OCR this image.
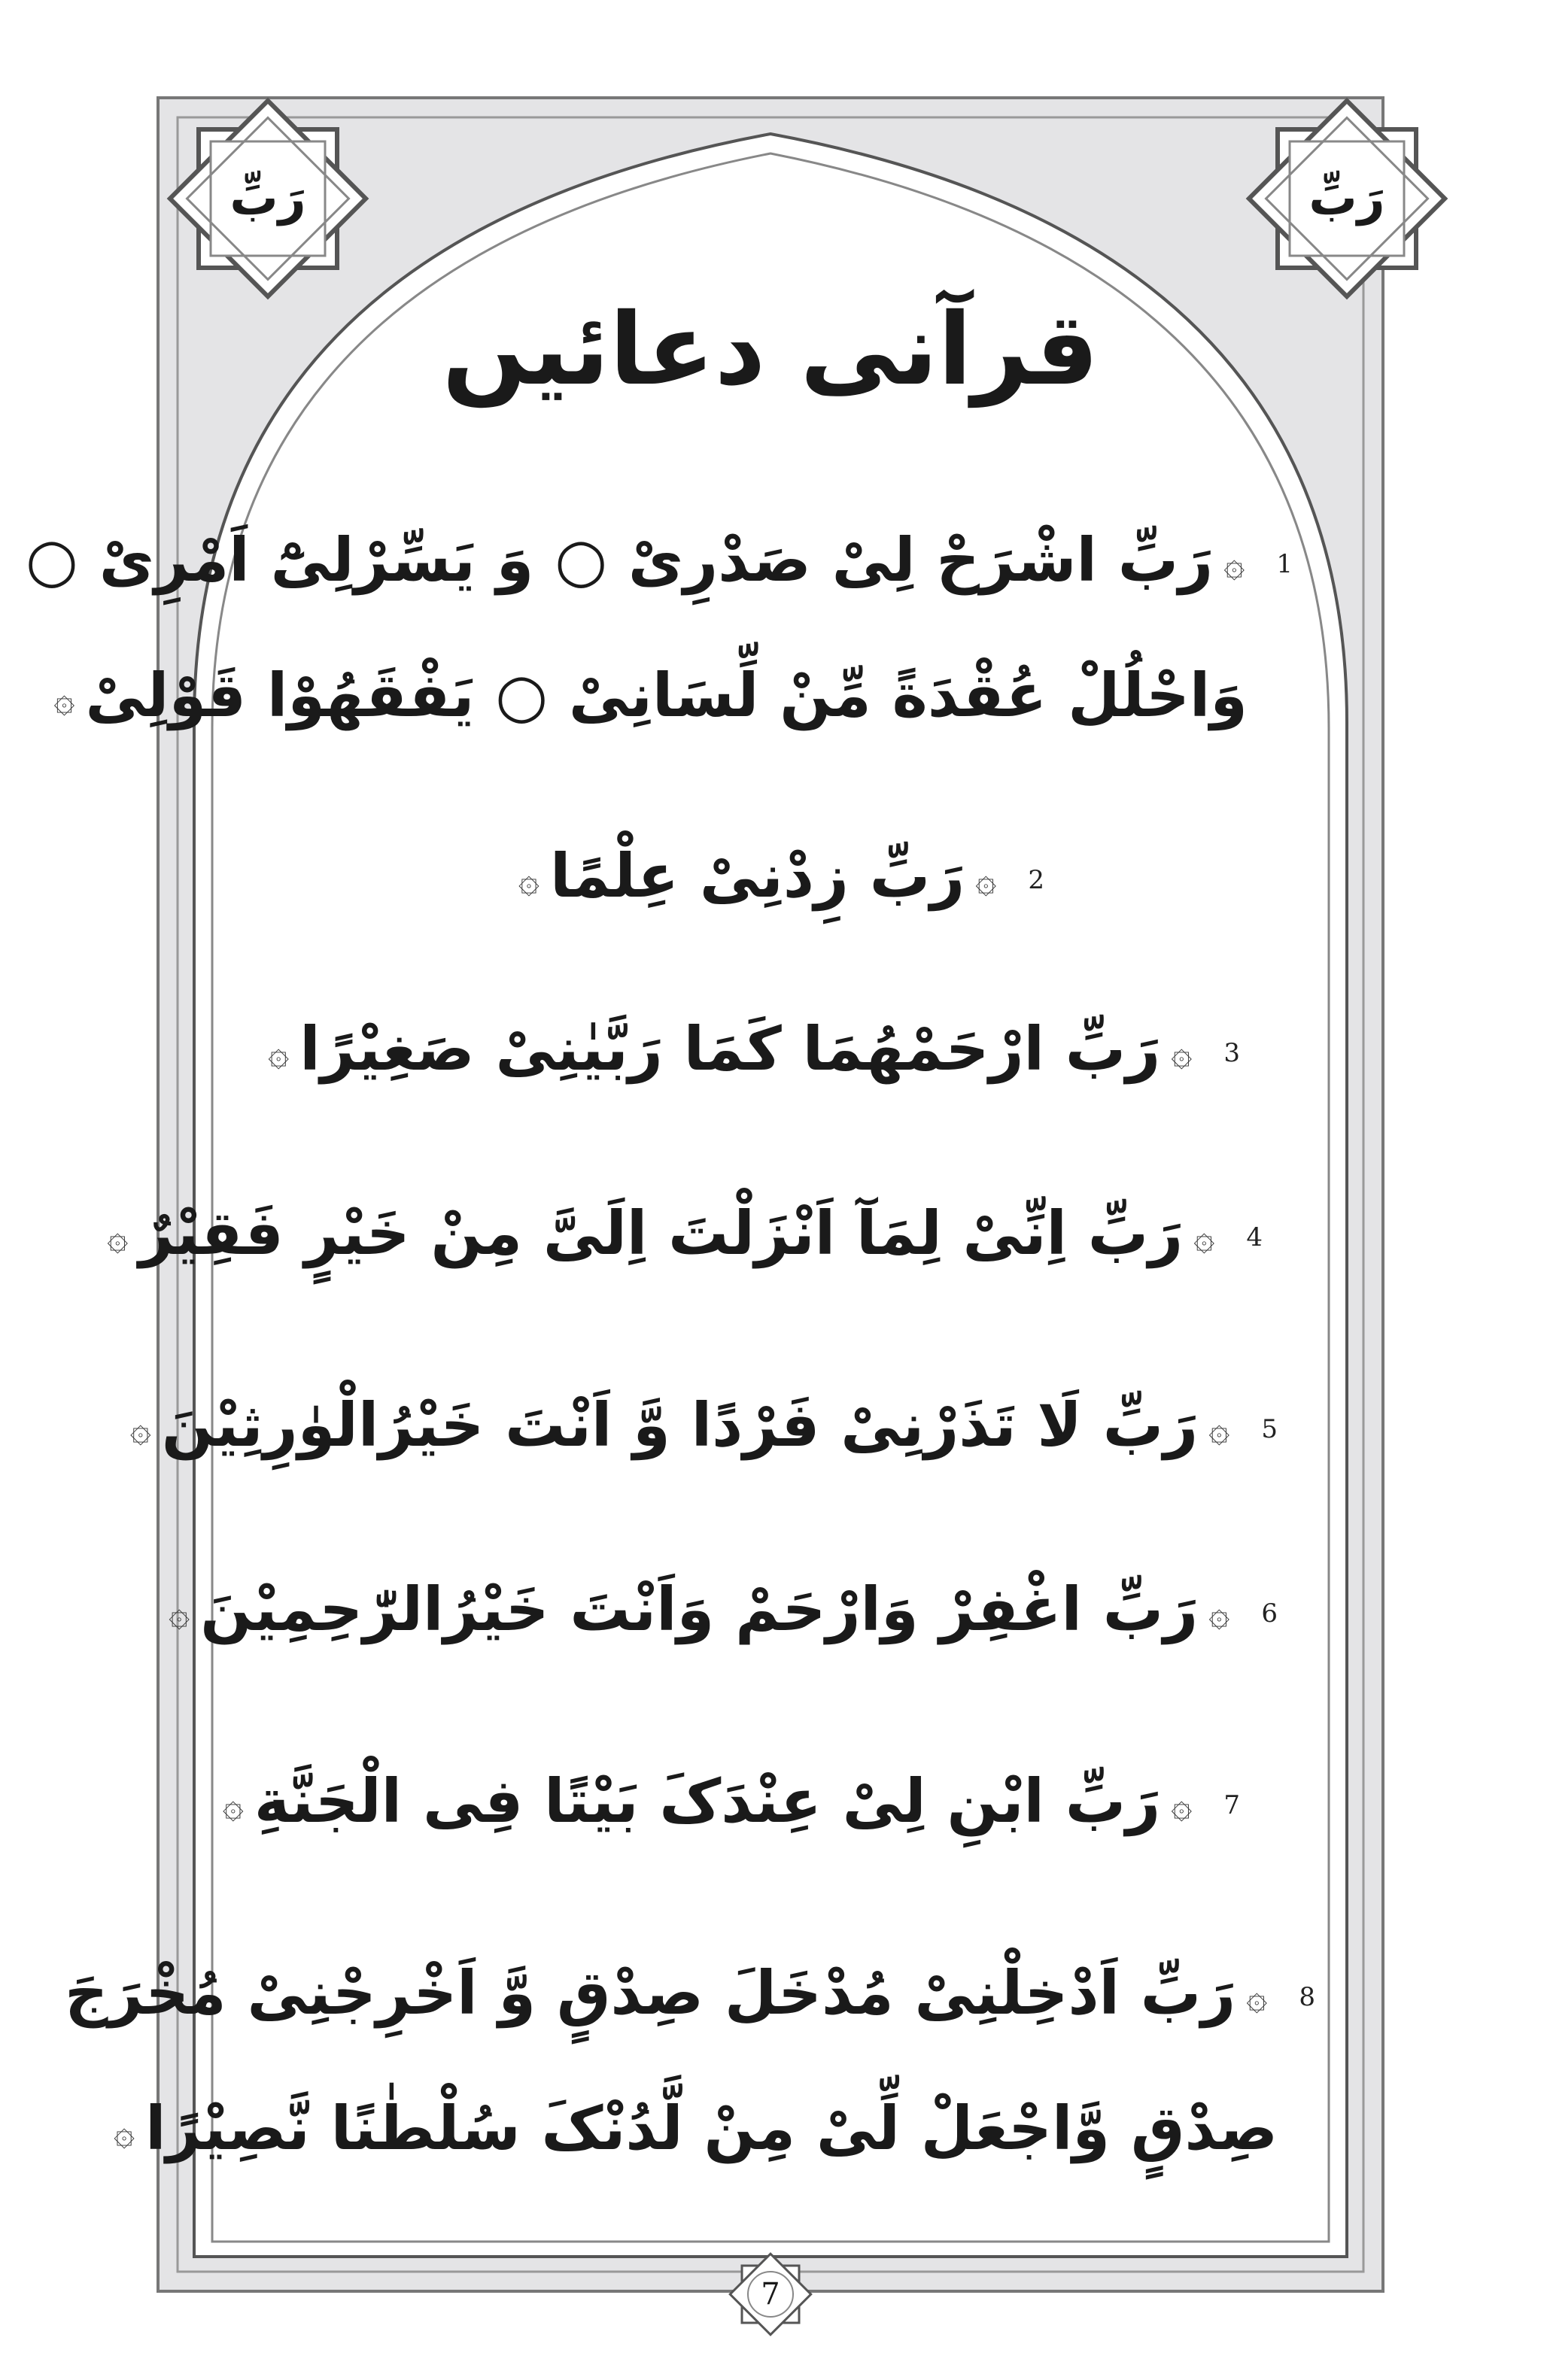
رَبِّ	رَبِّ
قرآنی دعائیں
1۞رَبِّ اشْرَحْ لِیْ صَدْرِیْ ○ وَ یَسِّرْلِیْٓ اَمْرِیْ ○
وَاحْلُلْ عُقْدَةً مِّنْ لِّسَانِیْ ○ یَفْقَهُوْا قَوْلِیْ۞
2۞رَبِّ زِدْنِیْ عِلْمًا۞
3۞رَبِّ ارْحَمْهُمَا کَمَا رَبَّیٰنِیْ صَغِیْرًا۞
4۞رَبِّ اِنِّیْ لِمَآ اَنْزَلْتَ اِلَیَّ مِنْ خَیْرٍ فَقِیْرٌ۞
5۞رَبِّ لَا تَذَرْنِیْ فَرْدًا وَّ اَنْتَ خَیْرُالْوٰرِثِیْنَ۞
6۞رَبِّ اغْفِرْ وَارْحَمْ وَاَنْتَ خَیْرُالرّٰحِمِیْنَ۞
7۞رَبِّ ابْنِ لِیْ عِنْدَکَ بَیْتًا فِی الْجَنَّةِ۞
8۞رَبِّ اَدْخِلْنِیْ مُدْخَلَ صِدْقٍ وَّ اَخْرِجْنِیْ مُخْرَجَ
صِدْقٍ وَّاجْعَلْ لِّیْ مِنْ لَّدُنْکَ سُلْطٰنًا نَّصِیْرًا۞
7
